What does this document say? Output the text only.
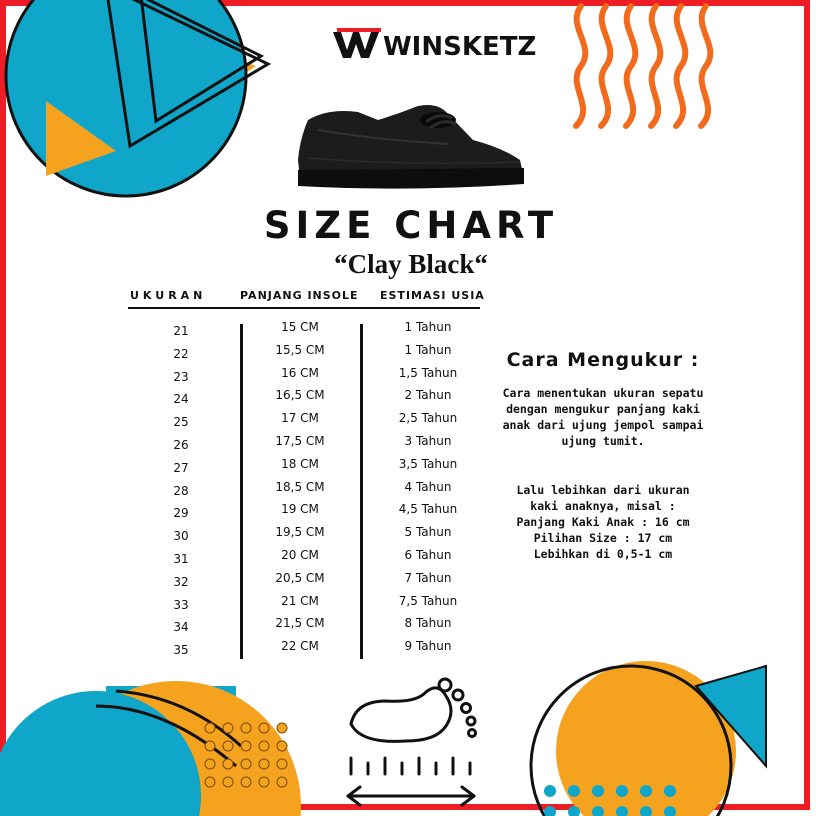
WINSKETZ
SIZE CHART
“Clay Black“
UKURAN	PANJANG INSOLE ESTIMASI USIA
21	15 CM	1 Tahun
22	15,5 CM	1 Tahun
23	16 CM	1,5 Tahun
24	16,5 CM	2 Tahun
25	17 CM	2,5 Tahun
26	17,5 CM	3 Tahun
27	18 CM	3,5 Tahun
28	18,5 CM	4 Tahun
29	19 CM	4,5 Tahun
30	19,5 CM	5 Tahun
31	20 CM	6 Tahun
32	20,5 CM	7 Tahun
33	21 CM	7,5 Tahun
34	21,5 CM	8 Tahun
35	22 CM	9 Tahun
Cara Mengukur :
Cara menentukan ukuran sepatu dengan mengukur panjang kaki anak dari ujung jempol sampai ujung tumit.
Lalu lebihkan dari ukuran
kaki anaknya, misal :
Panjang Kaki Anak : 16 cm
Pilihan Size : 17 cm
Lebihkan di 0,5-1 cm
